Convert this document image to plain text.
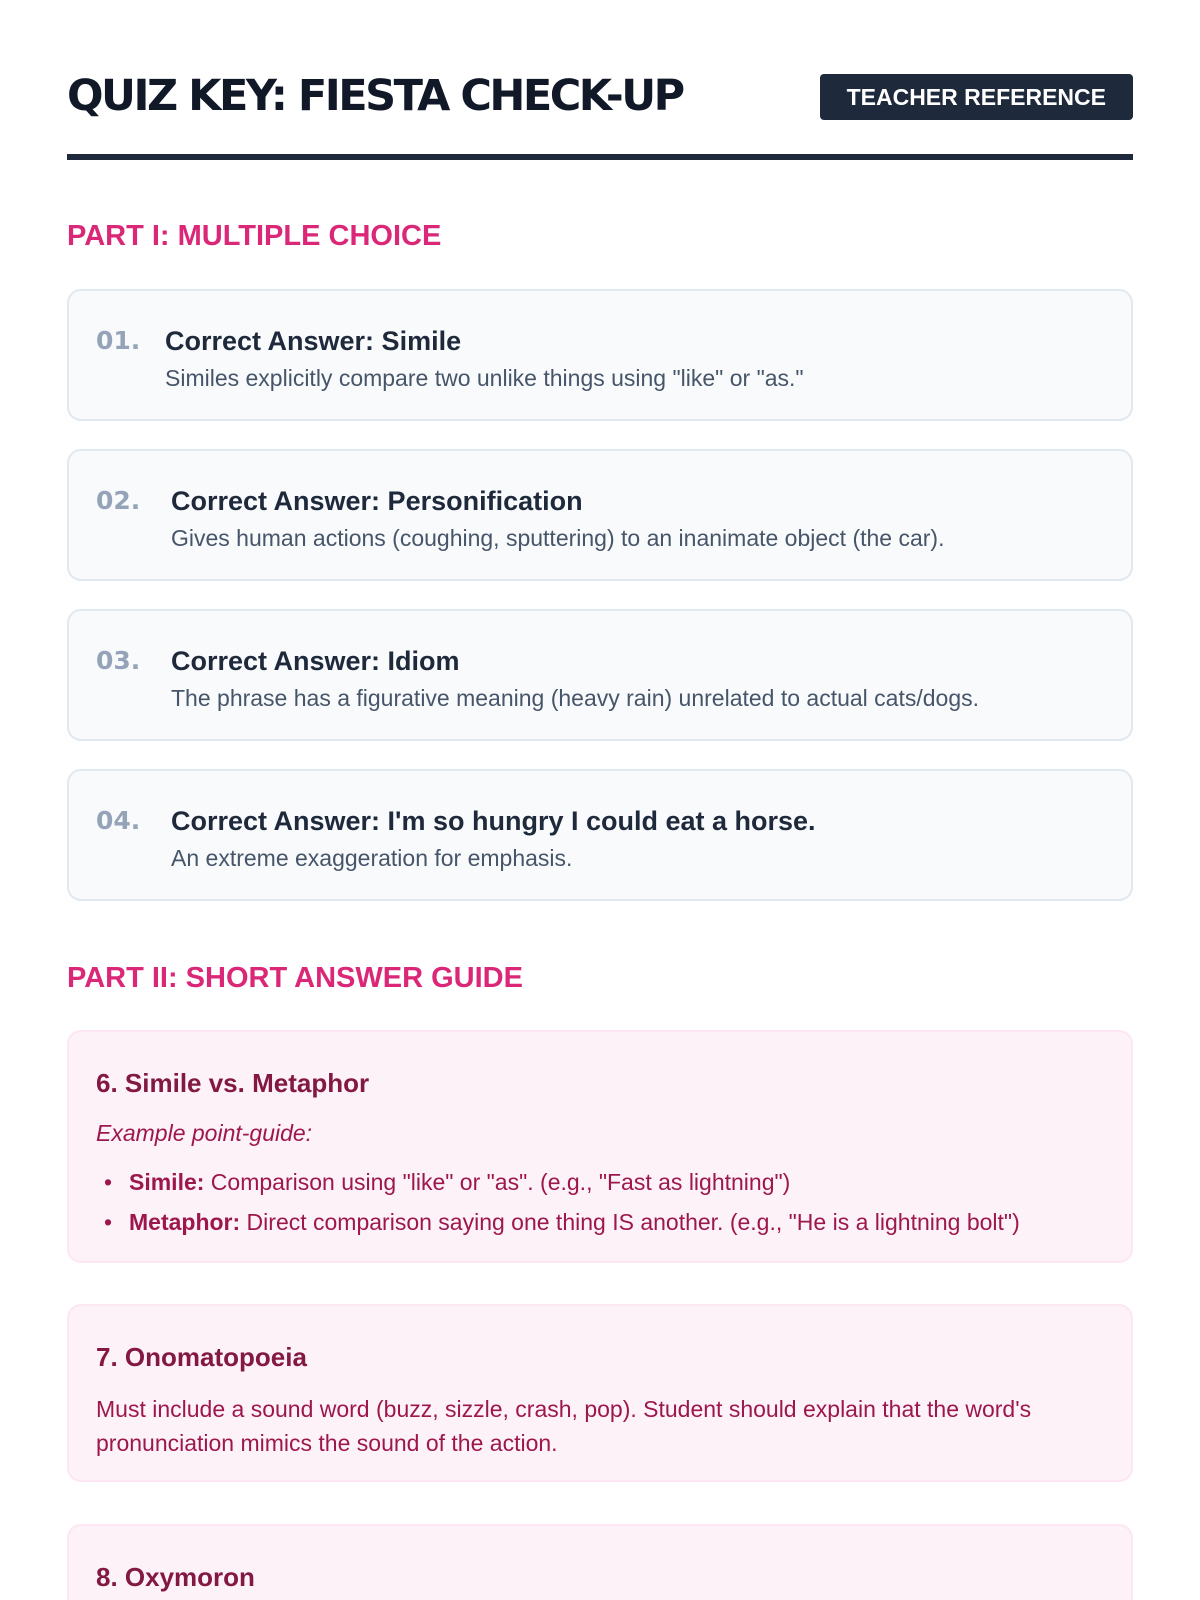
QUIZ KEY: FIESTA CHECK-UP	TEACHER REFERENCE
PART I: MULTIPLE CHOICE
01. Correct Answer: Simile
Similes explicitly compare two unlike things using "like" or "as."
02. Correct Answer: Personification
Gives human actions (coughing, sputtering) to an inanimate object (the car).
03. Correct Answer: Idiom
The phrase has a figurative meaning (heavy rain) unrelated to actual cats/dogs.
04. Correct Answer: I'm so hungry I could eat a horse.
An extreme exaggeration for emphasis.
PART II: SHORT ANSWER GUIDE
6. Simile vs. Metaphor
Example point-guide:
• Simile: Comparison using "like" or "as". (e.g., "Fast as lightning")
• Metaphor: Direct comparison saying one thing IS another. (e.g., "He is a lightning bolt")
7. Onomatopoeia
Must include a sound word (buzz, sizzle, crash, pop). Student should explain that the word's pronunciation mimics the sound of the action.
8. Oxymoron
